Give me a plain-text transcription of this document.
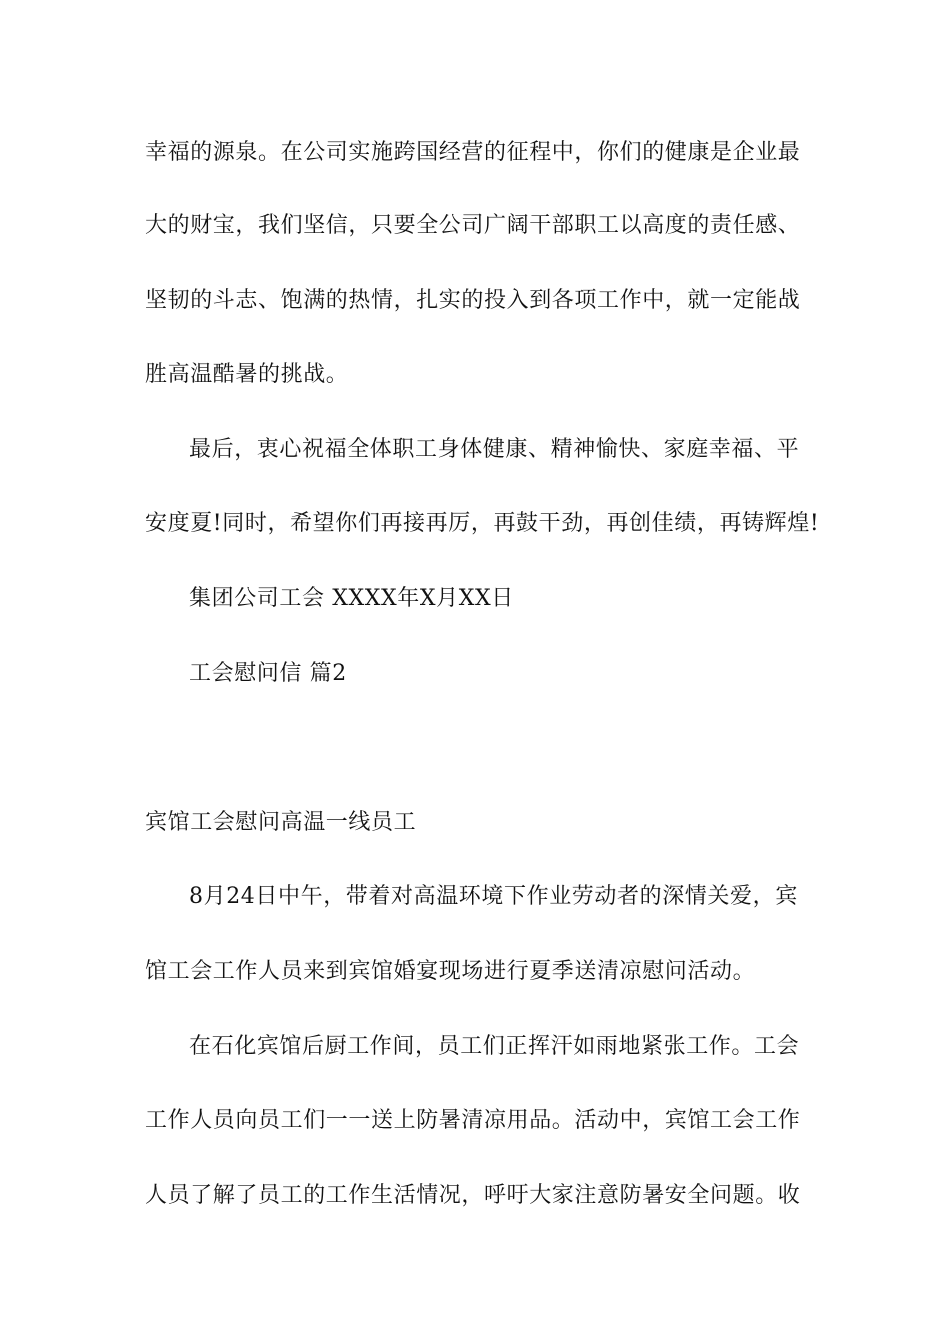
幸福的源泉。在公司实施跨国经营的征程中，你们的健康是企业最
大的财宝，我们坚信，只要全公司广阔干部职工以高度的责任感、
坚韧的斗志、饱满的热情，扎实的投入到各项工作中，就一定能战
胜高温酷暑的挑战。
最后，衷心祝福全体职工身体健康、精神愉快、家庭幸福、平
安度夏!同时，希望你们再接再厉，再鼓干劲，再创佳绩，再铸辉煌!
集团公司工会 XXXX年X月XX日
工会慰问信 篇2
宾馆工会慰问高温一线员工
8月24日中午，带着对高温环境下作业劳动者的深情关爱，宾
馆工会工作人员来到宾馆婚宴现场进行夏季送清凉慰问活动。
在石化宾馆后厨工作间，员工们正挥汗如雨地紧张工作。工会
工作人员向员工们一一送上防暑清凉用品。活动中，宾馆工会工作
人员了解了员工的工作生活情况，呼吁大家注意防暑安全问题。收
